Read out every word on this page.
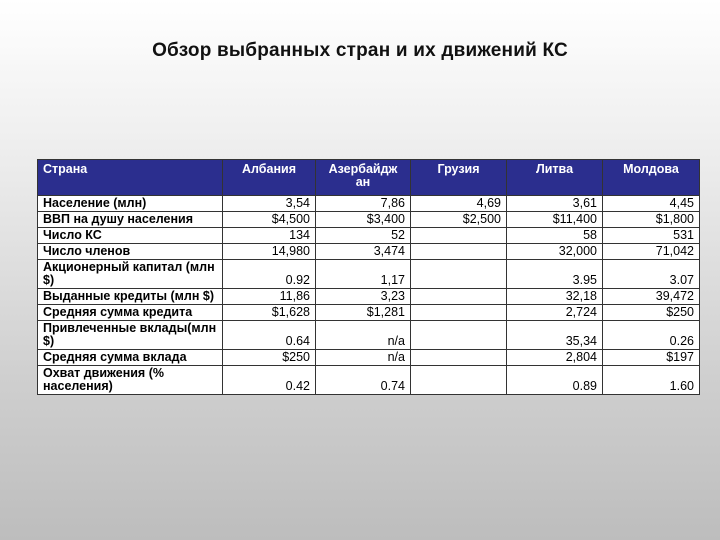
Обзор выбранных стран и их движений КС
Страна	Албания	Азербайдж ан	Грузия	Литва	Молдова
Население (млн)	3,54	7,86	4,69	3,61	4,45
ВВП на душу населения	$4,500	$3,400	$2,500	$11,400	$1,800
Число КС	134	52		58	531
Число членов	14,980	3,474		32,000	71,042
Акционерный капитал (млн $)	0.92	1,17		3.95	3.07
Выданные кредиты (млн $)	11,86	3,23		32,18	39,472
Средняя сумма кредита	$1,628	$1,281		2,724	$250
Привлеченные вклады(млн $)	0.64	n/a		35,34	0.26
Средняя сумма вклада	$250	n/a		2,804	$197
Охват движения (% населения)	0.42	0.74		0.89	1.60
